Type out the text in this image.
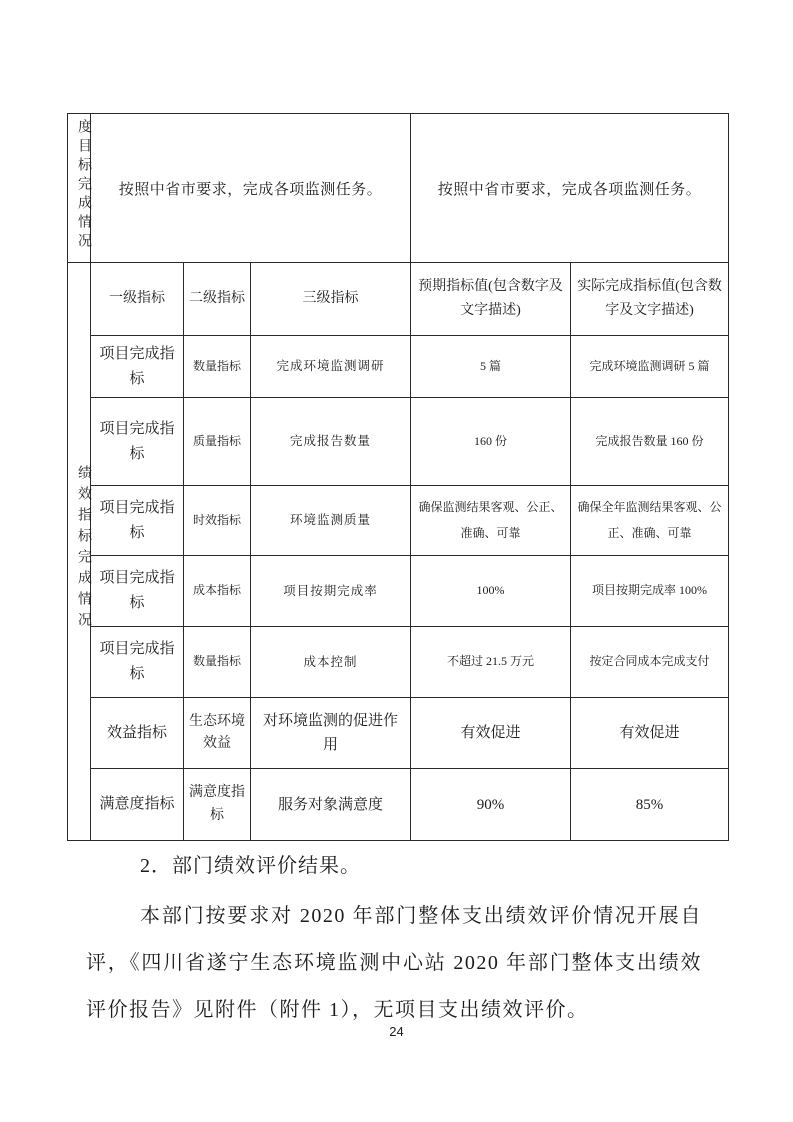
度目标完成情况	按照中省市要求，完成各项监测任务。			按照中省市要求，完成各项监测任务。	
绩效指标完成情况	一级指标	二级指标	三级指标	预期指标值(包含数字及文字描述)	实际完成指标值(包含数字及文字描述)
	项目完成指标	数量指标	完成环境监测调研	5 篇	完成环境监测调研 5 篇
	项目完成指标	质量指标	完成报告数量	160 份	完成报告数量 160 份
	项目完成指标	时效指标	环境监测质量	确保监测结果客观、公正、准确、可靠	确保全年监测结果客观、公正、准确、可靠
	项目完成指标	成本指标	项目按期完成率	100%	项目按期完成率 100%
	项目完成指标	数量指标	成本控制	不超过 21.5 万元	按定合同成本完成支付
	效益指标	生态环境效益	对环境监测的促进作用	有效促进	有效促进
	满意度指标	满意度指标	服务对象满意度	90%	85%

2．部门绩效评价结果。

本部门按要求对 2020 年部门整体支出绩效评价情况开展自评，《四川省遂宁生态环境监测中心站 2020 年部门整体支出绩效评价报告》见附件（附件 1），无项目支出绩效评价。

24
